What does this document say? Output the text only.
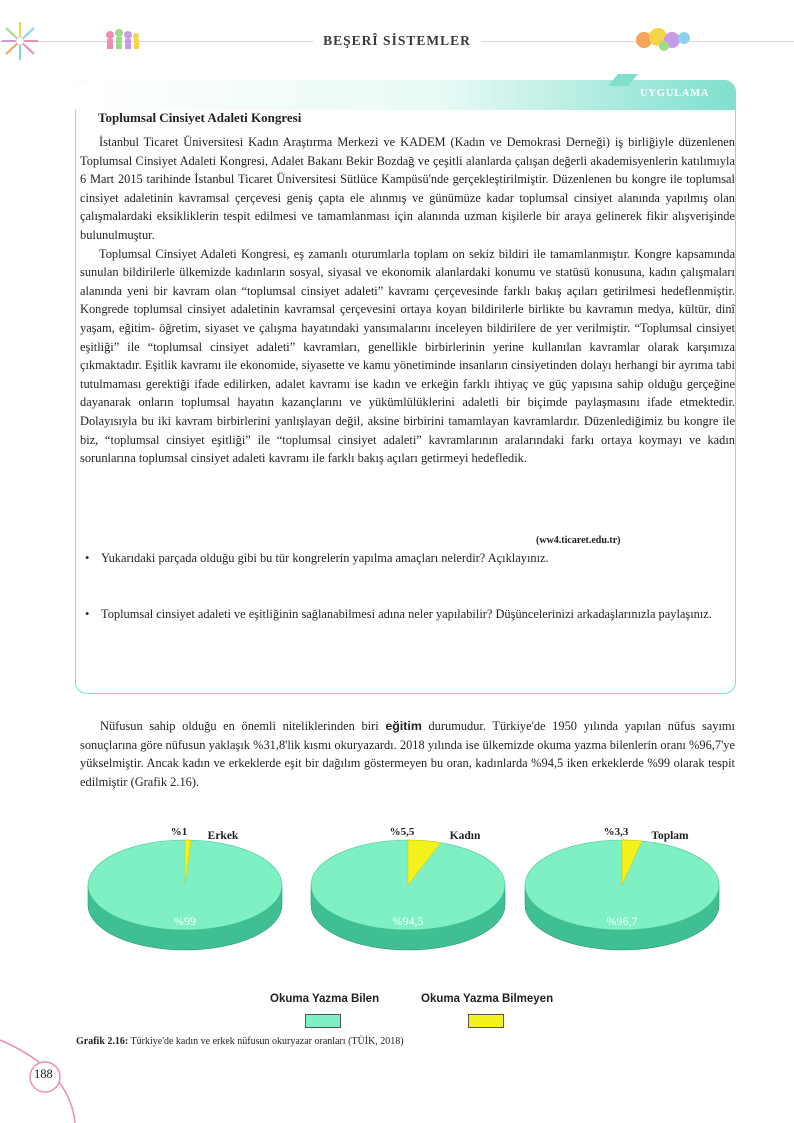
BEŞERÎ SİSTEMLER
UYGULAMA
Toplumsal Cinsiyet Adaleti Kongresi

İstanbul Ticaret Üniversitesi Kadın Araştırma Merkezi ve KADEM (Kadın ve Demokrasi Derneği) iş birliğiyle düzenlenen Toplumsal Cinsiyet Adaleti Kongresi, Adalet Bakanı Bekir Bozdağ ve çeşitli alanlarda çalışan değerli akademisyenlerin katılımıyla 6 Mart 2015 tarihinde İstanbul Ticaret Üniversitesi Sütlüce Kampüsü'nde gerçekleştirilmiştir. Düzenlenen bu kongre ile toplumsal cinsiyet adaletinin kavramsal çerçevesi geniş çapta ele alınmış ve günümüze kadar toplumsal cinsiyet alanında yapılmış olan çalışmalardaki eksikliklerin tespit edilmesi ve tamamlanması için alanında uzman kişilerle bir araya gelinerek fikir alışverişinde bulunulmuştur.

Toplumsal Cinsiyet Adaleti Kongresi, eş zamanlı oturumlarla toplam on sekiz bildiri ile tamamlanmıştır. Kongre kapsamında sunulan bildirilerle ülkemizde kadınların sosyal, siyasal ve ekonomik alanlardaki konumu ve statüsü konusuna, kadın çalışmaları alanında yeni bir kavram olan “toplumsal cinsiyet adaleti” kavramı çerçevesinde farklı bakış açıları getirilmesi hedeflenmiştir. Kongrede toplumsal cinsiyet adaletinin kavramsal çerçevesini ortaya koyan bildirilerle birlikte bu kavramın medya, kültür, dinî yaşam, eğitim- öğretim, siyaset ve çalışma hayatındaki yansımalarını inceleyen bildirilere de yer verilmiştir. “Toplumsal cinsiyet eşitliği” ile “toplumsal cinsiyet adaleti” kavramları, genellikle birbirlerinin yerine kullanılan kavramlar olarak karşımıza çıkmaktadır. Eşitlik kavramı ile ekonomide, siyasette ve kamu yönetiminde insanların cinsiyetinden dolayı herhangi bir ayrıma tabi tutulmaması gerektiği ifade edilirken, adalet kavramı ise kadın ve erkeğin farklı ihtiyaç ve güç yapısına sahip olduğu gerçeğine dayanarak onların toplumsal hayatın kazançlarını ve yükümlülüklerini adaletli bir biçimde paylaşmasını ifade etmektedir. Dolayısıyla bu iki kavram birbirlerini yanlışlayan değil, aksine birbirini tamamlayan kavramlardır. Düzenlediğimiz bu kongre ile biz, “toplumsal cinsiyet eşitliği” ile “toplumsal cinsiyet adaleti” kavramlarının aralarındaki farkı ortaya koymayı ve kadın sorunlarına toplumsal cinsiyet adaleti kavramı ile farklı bakış açıları getirmeyi hedefledik.

(ww4.ticaret.edu.tr)
• Yukarıdaki parçada olduğu gibi bu tür kongrelerin yapılma amaçları nelerdir? Açıklayınız.
• Toplumsal cinsiyet adaleti ve eşitliğinin sağlanabilmesi adına neler yapılabilir? Düşüncelerinizi arkadaşlarınızla paylaşınız.

Nüfusun sahip olduğu en önemli niteliklerinden biri eğitim durumudur. Türkiye'de 1950 yılında yapılan nüfus sayımı sonuçlarına göre nüfusun yaklaşık %31,8'lik kısmı okuryazardı. 2018 yılında ise ülkemizde okuma yazma bilenlerin oranı %96,7'ye yükselmiştir. Ancak kadın ve erkeklerde eşit bir dağılım göstermeyen bu oran, kadınlarda %94,5 iken erkeklerde %99 olarak tespit edilmiştir (Grafik 2.16).

%99
%1 Erkek
%94,5
%5,5	Kadın
%96,7
%3,3 Toplam
Okuma Yazma Bilen	Okuma Yazma Bilmeyen
Grafik 2.16: Türkiye'de kadın ve erkek nüfusun okuryazar oranları (TÜİK, 2018)
188
